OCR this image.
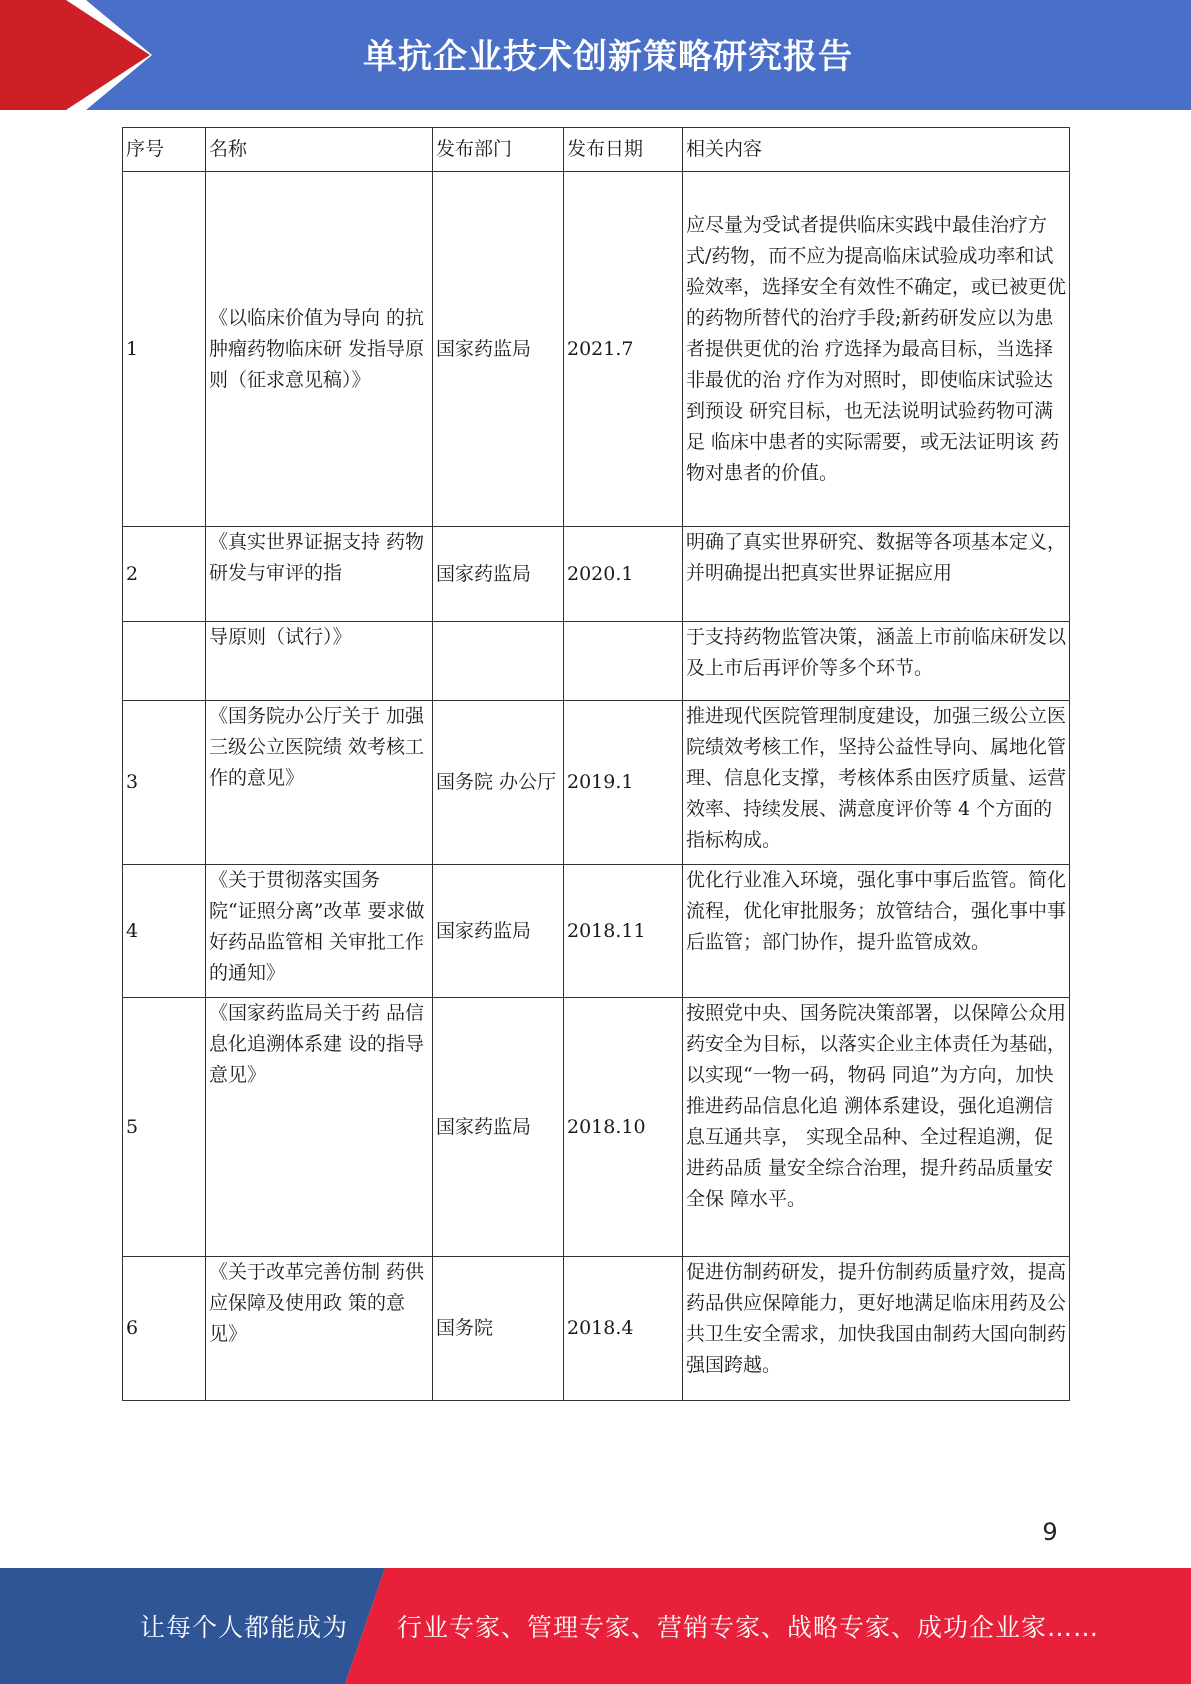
单抗企业技术创新策略研究报告
序号	名称	发布部门	发布日期	相关内容
1	《以临床价值为导向 的抗肿瘤药物临床研 发指导原则（征求意见稿）》	国家药监局	2021.7	应尽量为受试者提供临床实践中最佳治疗方式/药物，而不应为提高临床试验成功率和试验效率，选择安全有效性不确定，或已被更优的药物所替代的治疗手段;新药研发应以为患者提供更优的治 疗选择为最高目标，当选择非最优的治 疗作为对照时，即使临床试验达到预设 研究目标，也无法说明试验药物可满足 临床中患者的实际需要，或无法证明该 药物对患者的价值。
2	《真实世界证据支持 药物研发与审评的指	国家药监局	2020.1	明确了真实世界研究、数据等各项基本定义，并明确提出把真实世界证据应用
	导原则（试行）》			于支持药物监管决策，涵盖上市前临床研发以及上市后再评价等多个环节。
3	《国务院办公厅关于 加强三级公立医院绩 效考核工作的意见》	国务院 办公厅	2019.1	推进现代医院管理制度建设，加强三级公立医院绩效考核工作，坚持公益性导向、属地化管理、信息化支撑，考核体系由医疗质量、运营效率、持续发展、满意度评价等 4 个方面的指标构成。
4	《关于贯彻落实国务 院“证照分离”改革 要求做好药品监管相 关审批工作的通知》	国家药监局	2018.11	优化行业准入环境，强化事中事后监管。简化流程，优化审批服务；放管结合，强化事中事后监管；部门协作，提升监管成效。
5	《国家药监局关于药 品信息化追溯体系建 设的指导意见》	国家药监局	2018.10	按照党中央、国务院决策部署，以保障公众用药安全为目标，以落实企业主体责任为基础，以实现“一物一码，物码 同追”为方向，加快推进药品信息化追 溯体系建设，强化追溯信息互通共享， 实现全品种、全过程追溯，促进药品质 量安全综合治理，提升药品质量安全保 障水平。
6	《关于改革完善仿制 药供应保障及使用政 策的意见》	国务院	2018.4	促进仿制药研发，提升仿制药质量疗效，提高药品供应保障能力，更好地满足临床用药及公共卫生安全需求，加快我国由制药大国向制药强国跨越。
9
让每个人都能成为 行业专家、管理专家、营销专家、战略专家、成功企业家……
